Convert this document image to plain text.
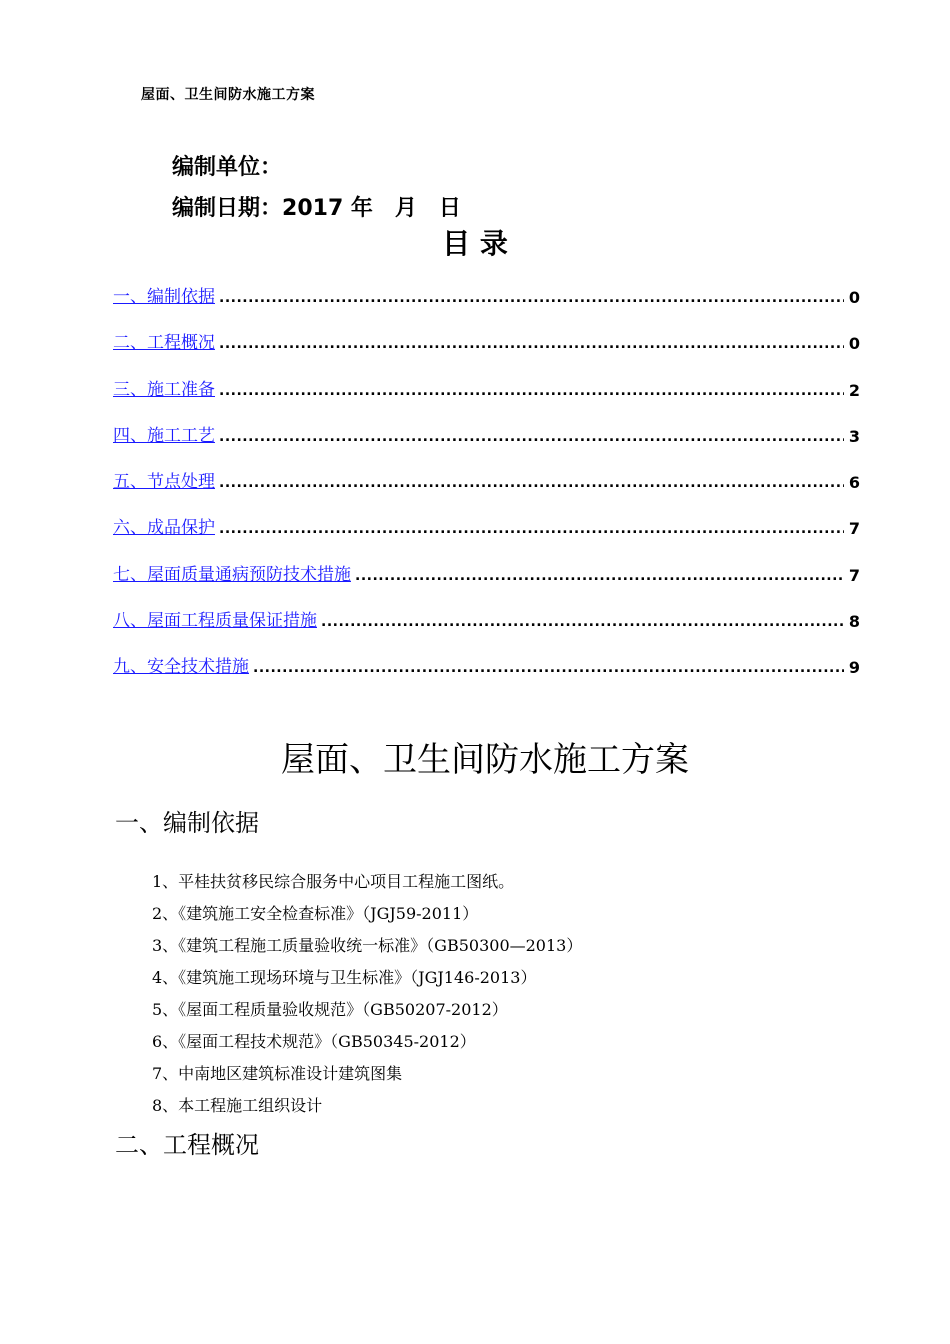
屋面、卫生间防水施工方案
编制单位：
编制日期：2017 年 月 日
目 录
一、编制依据 .....	0
二、工程概况 .....	0
三、施工准备 .....	2
四、施工工艺 .....	3
五、节点处理 .....	6
六、成品保护 .....	7
七、屋面质量通病预防技术措施 .....	7
八、屋面工程质量保证措施 .....	8
九、安全技术措施 .....	9
屋面、卫生间防水施工方案
一、编制依据
1、平桂扶贫移民综合服务中心项目工程施工图纸。
2、《建筑施工安全检查标准》（JGJ59-2011）
3、《建筑工程施工质量验收统一标准》（GB50300—2013）
4、《建筑施工现场环境与卫生标准》（JGJ146-2013）
5、《屋面工程质量验收规范》（GB50207-2012）
6、《屋面工程技术规范》（GB50345-2012）
7、中南地区建筑标准设计建筑图集
8、本工程施工组织设计
二、工程概况
